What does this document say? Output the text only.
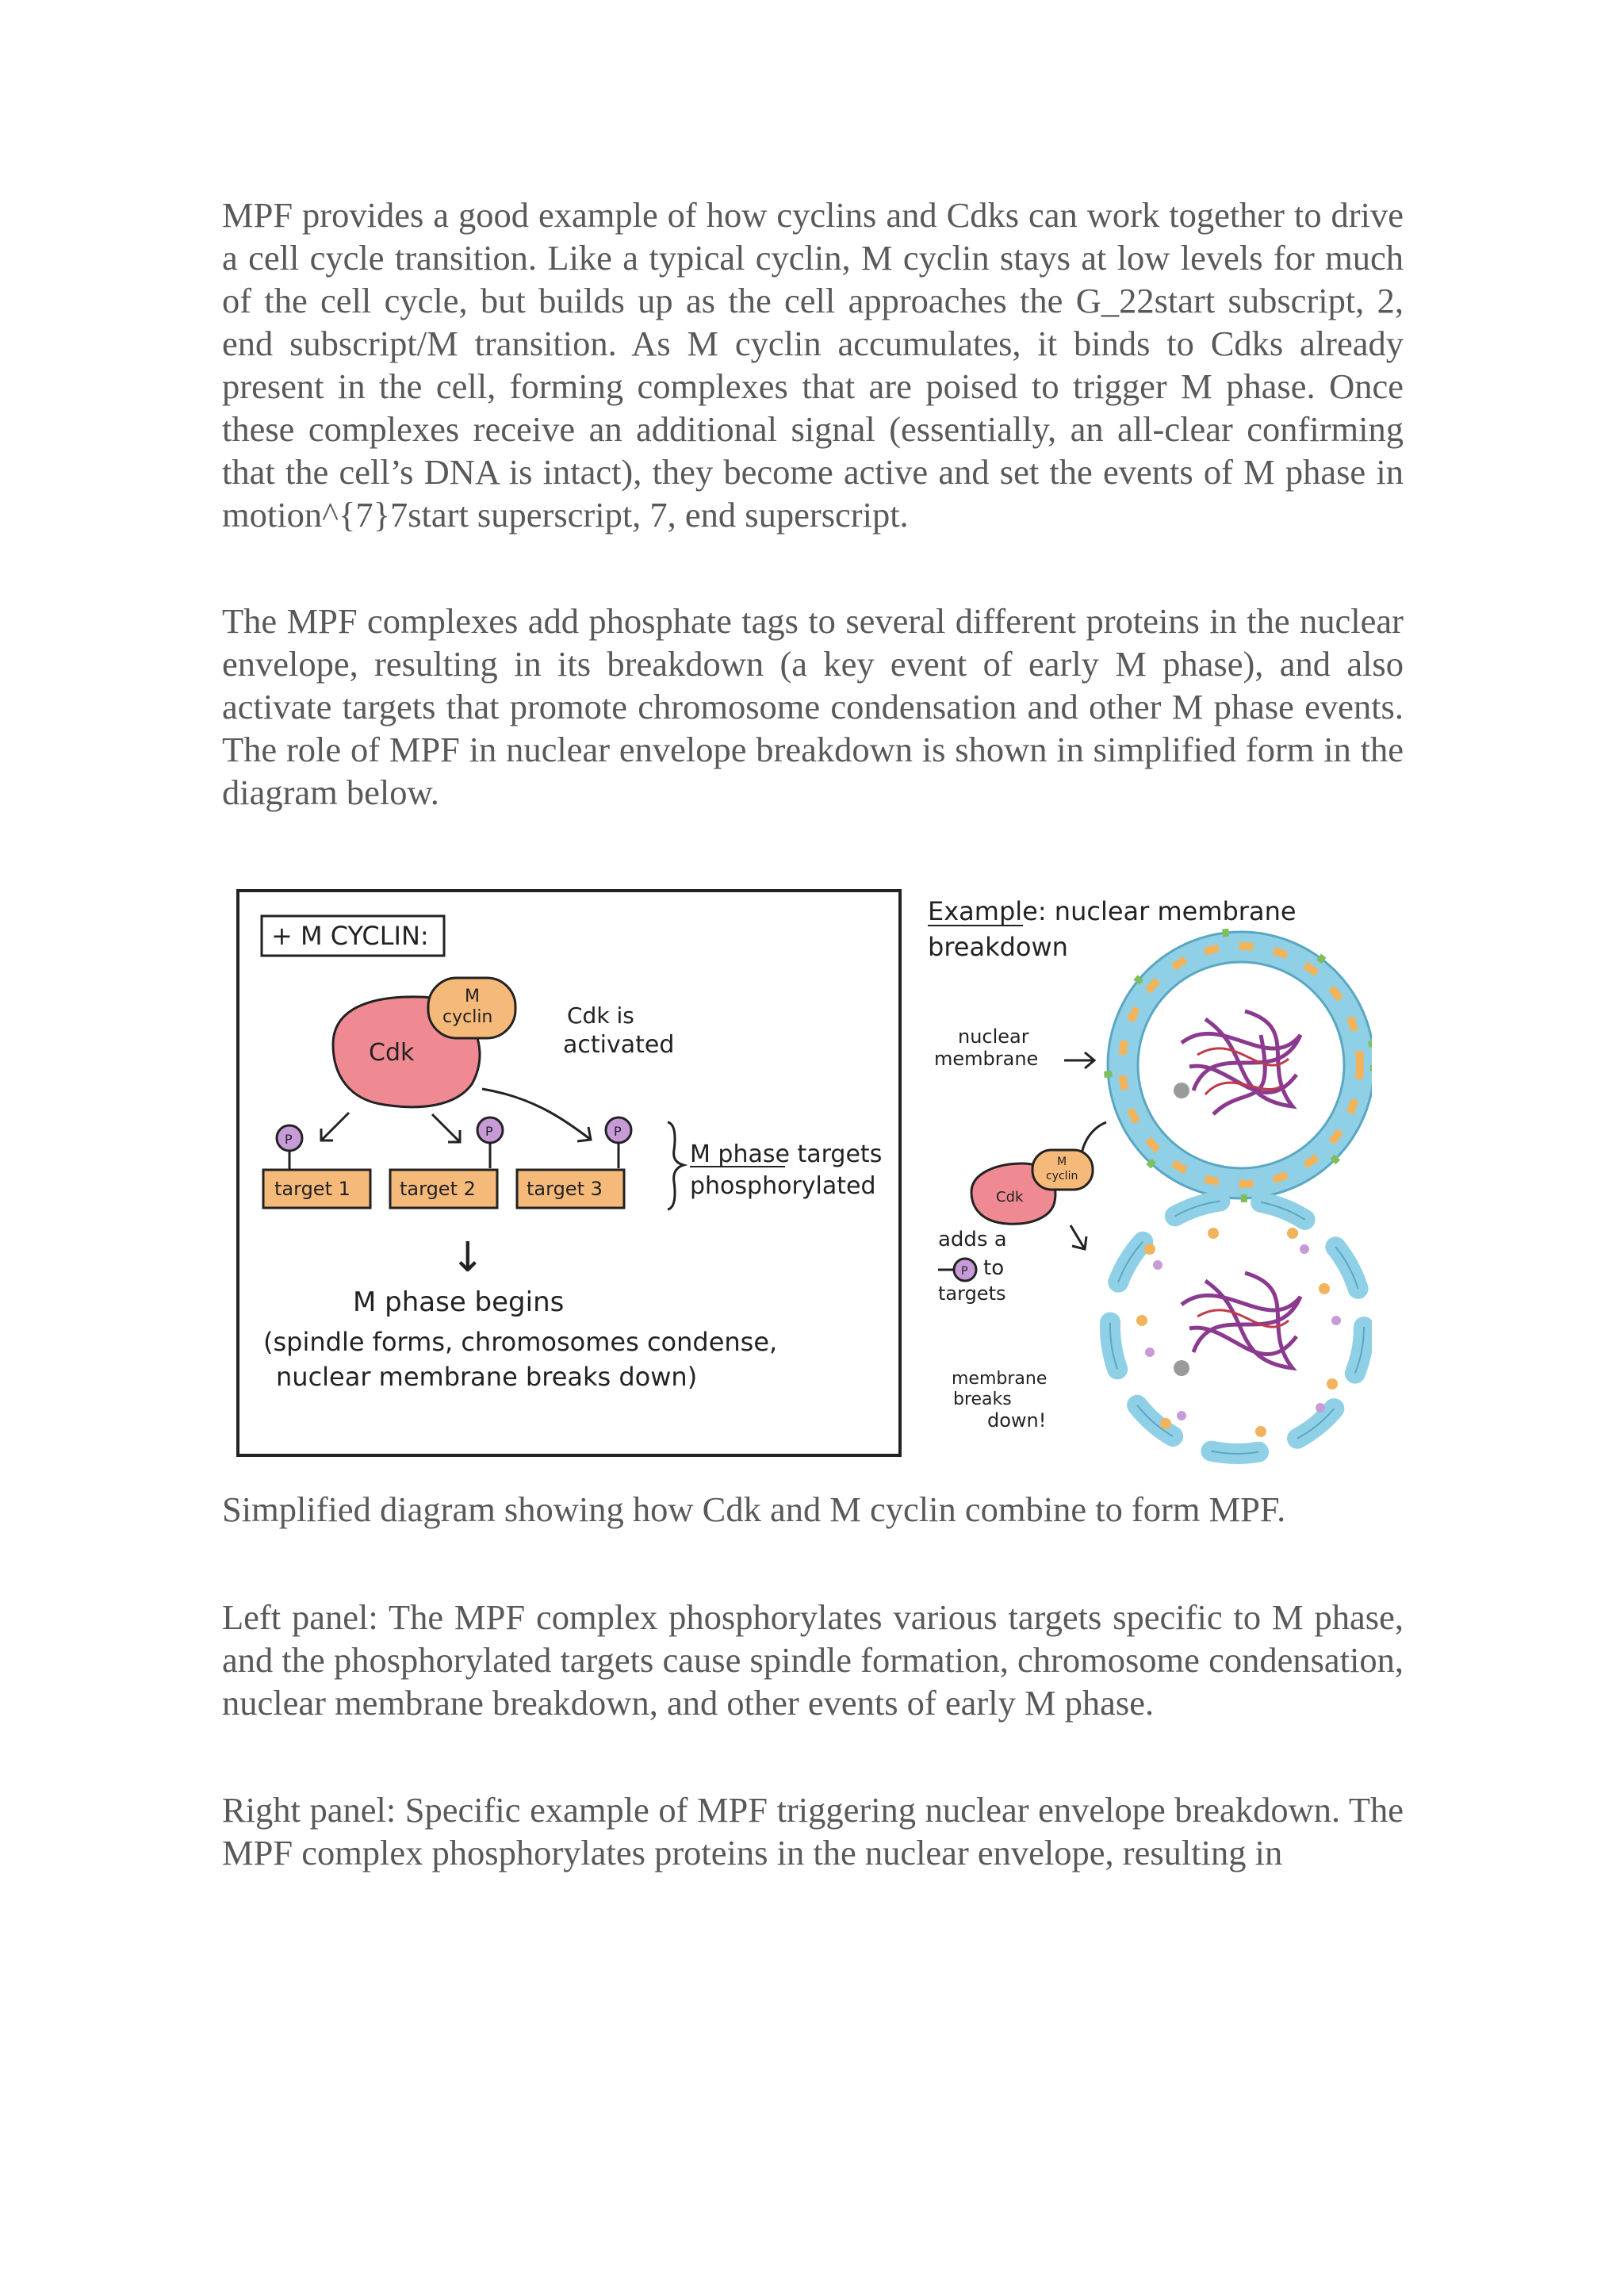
MPF provides a good example of how cyclins and Cdks can work together to drive a cell cycle transition. Like a typical cyclin, M cyclin stays at low levels for much of the cell cycle, but builds up as the cell approaches the G_22start subscript, 2, end subscript/M transition. As M cyclin accumulates, it binds to Cdks already present in the cell, forming complexes that are poised to trigger M phase. Once these complexes receive an additional signal (essentially, an all-clear confirming that the cell’s DNA is intact), they become active and set the events of M phase in motion^{7}7start superscript, 7, end superscript.

The MPF complexes add phosphate tags to several different proteins in the nuclear envelope, resulting in its breakdown (a key event of early M phase), and also activate targets that promote chromosome condensation and other M phase events. The role of MPF in nuclear envelope breakdown is shown in simplified form in the diagram below.

+ M CYCLIN:
Cdk
M
cyclin	Cdk is
activated
P
P	P
target 1	target 2	target 3
M phase targets
phosphorylated
↓
M phase begins
(spindle forms, chromosomes condense,
nuclear membrane breaks down)
Example: nuclear membrane
breakdown
nuclear
membrane
Cdk
M
cyclin
adds a
P to
targets
membrane
breaks
down!

Simplified diagram showing how Cdk and M cyclin combine to form MPF.

Left panel: The MPF complex phosphorylates various targets specific to M phase, and the phosphorylated targets cause spindle formation, chromosome condensation, nuclear membrane breakdown, and other events of early M phase.

Right panel: Specific example of MPF triggering nuclear envelope breakdown. The MPF complex phosphorylates proteins in the nuclear envelope, resulting in
